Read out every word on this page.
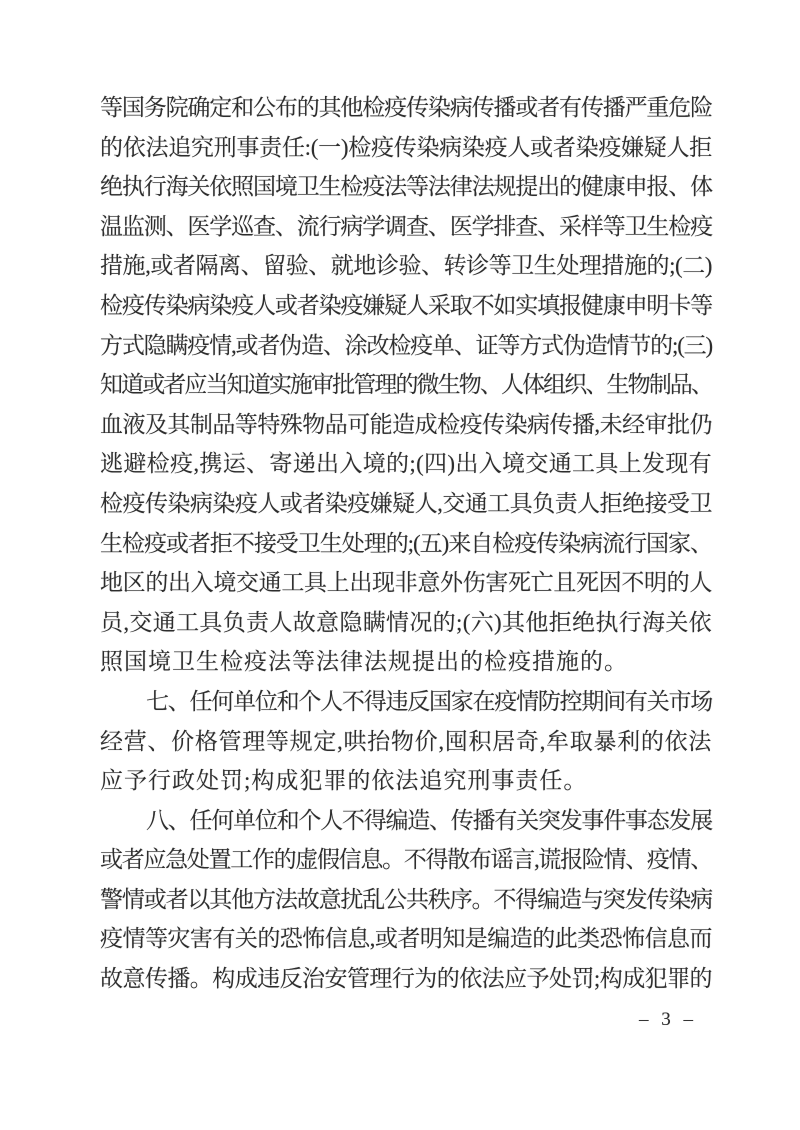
等国务院确定和公布的其他检疫传染病传播或者有传播严重危险
的依法追究刑事责任:(一)检疫传染病染疫人或者染疫嫌疑人拒
绝执行海关依照国境卫生检疫法等法律法规提出的健康申报、体
温监测、医学巡查、流行病学调查、医学排查、采样等卫生检疫
措施,或者隔离、留验、就地诊验、转诊等卫生处理措施的;(二)
检疫传染病染疫人或者染疫嫌疑人采取不如实填报健康申明卡等
方式隐瞒疫情,或者伪造、涂改检疫单、证等方式伪造情节的;(三)
知道或者应当知道实施审批管理的微生物、人体组织、生物制品、
血液及其制品等特殊物品可能造成检疫传染病传播,未经审批仍
逃避检疫,携运、寄递出入境的;(四)出入境交通工具上发现有
检疫传染病染疫人或者染疫嫌疑人,交通工具负责人拒绝接受卫
生检疫或者拒不接受卫生处理的;(五)来自检疫传染病流行国家、
地区的出入境交通工具上出现非意外伤害死亡且死因不明的人
员,交通工具负责人故意隐瞒情况的;(六)其他拒绝执行海关依
照国境卫生检疫法等法律法规提出的检疫措施的。
七、任何单位和个人不得违反国家在疫情防控期间有关市场
经营、价格管理等规定,哄抬物价,囤积居奇,牟取暴利的依法
应予行政处罚;构成犯罪的依法追究刑事责任。
八、任何单位和个人不得编造、传播有关突发事件事态发展
或者应急处置工作的虚假信息。不得散布谣言,谎报险情、疫情、
警情或者以其他方法故意扰乱公共秩序。不得编造与突发传染病
疫情等灾害有关的恐怖信息,或者明知是编造的此类恐怖信息而
故意传播。构成违反治安管理行为的依法应予处罚;构成犯罪的
– 3 –
